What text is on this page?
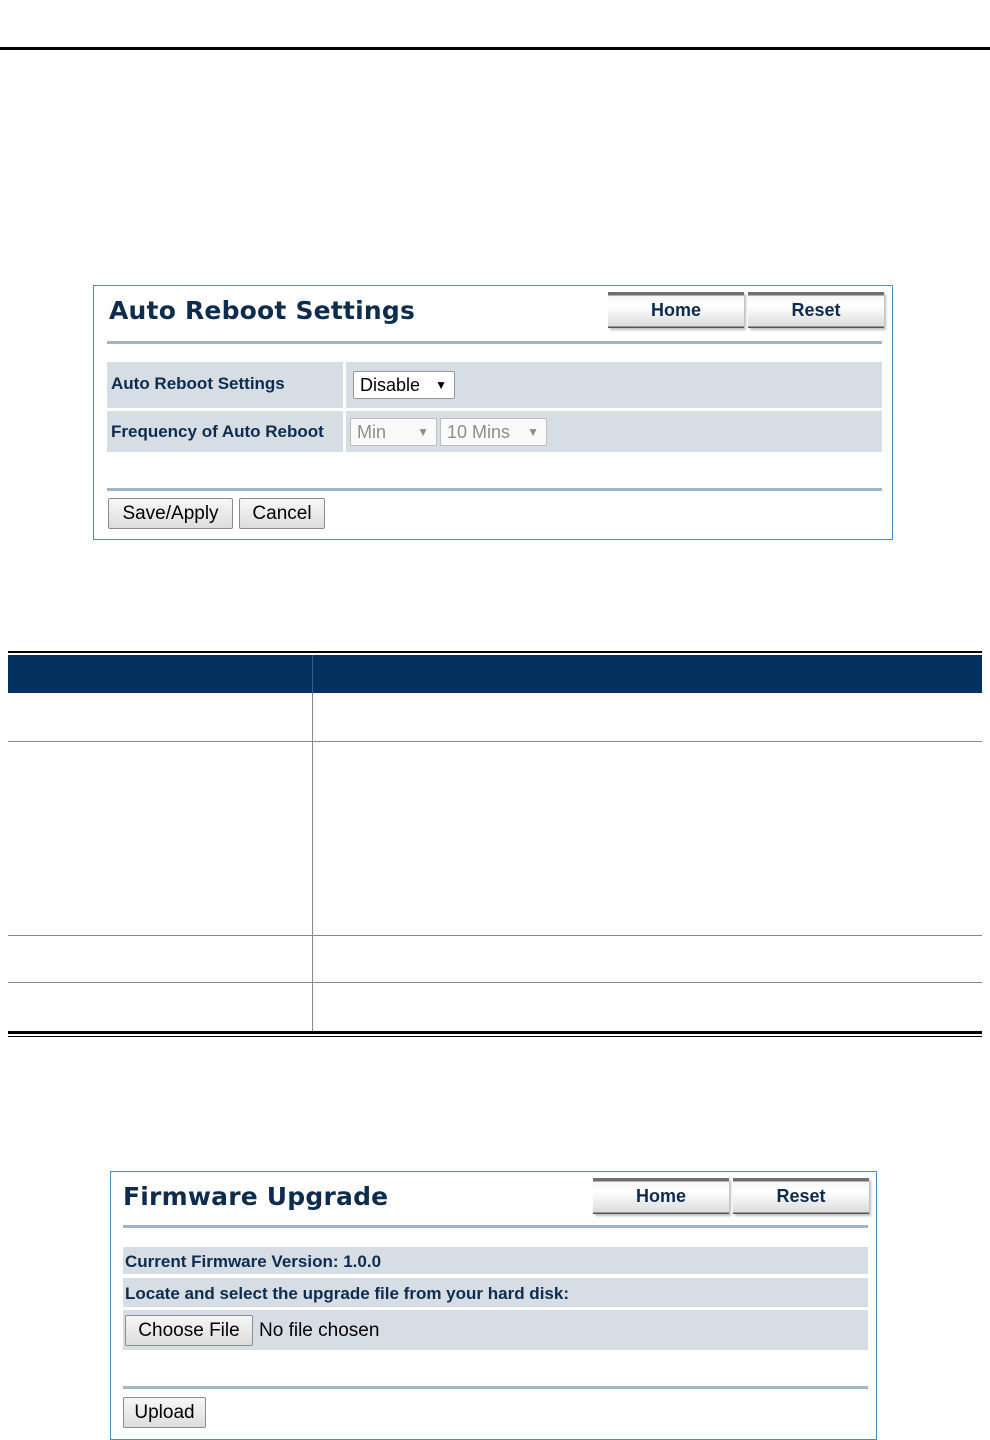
Auto Reboot Settings	Home	Reset
Auto Reboot Settings	Disable ▼
Frequency of Auto Reboot	Min	▼	10 Mins ▼
Save/Apply	Cancel
Firmware Upgrade	Home	Reset
Current Firmware Version: 1.0.0
Locate and select the upgrade file from your hard disk:
Choose File	No file chosen
Upload
